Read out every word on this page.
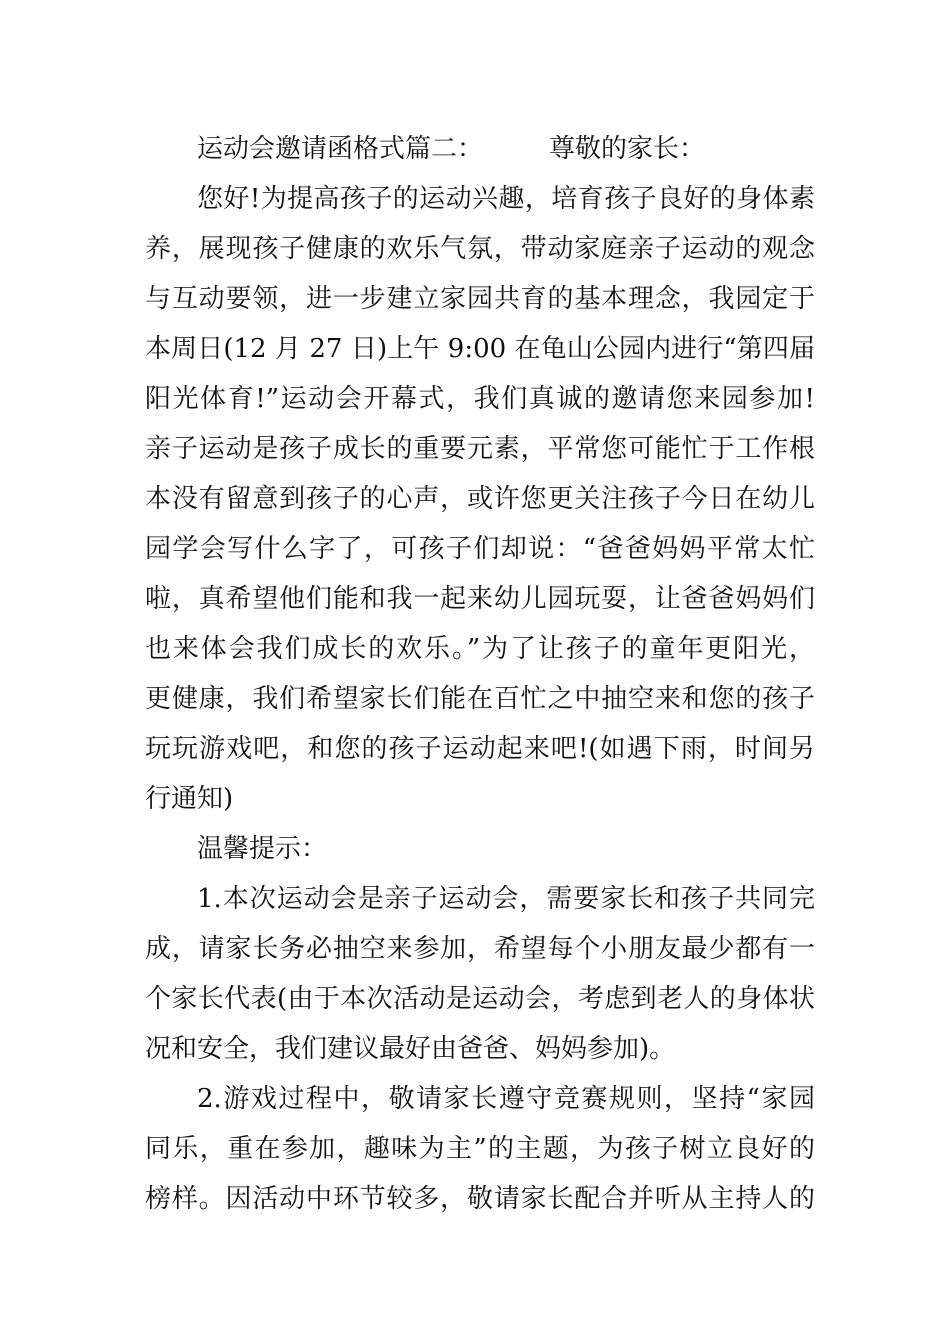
运动会邀请函格式篇二：	尊敬的家长：
您好!为提高孩子的运动兴趣，培育孩子良好的身体素
养，展现孩子健康的欢乐气氛，带动家庭亲子运动的观念
与互动要领，进一步建立家园共育的基本理念，我园定于
本周日(12 月 27 日)上午 9:00 在龟山公园内进行“第四届
阳光体育!”运动会开幕式，我们真诚的邀请您来园参加!
亲子运动是孩子成长的重要元素，平常您可能忙于工作根
本没有留意到孩子的心声，或许您更关注孩子今日在幼儿
园学会写什么字了，可孩子们却说：“爸爸妈妈平常太忙
啦，真希望他们能和我一起来幼儿园玩耍，让爸爸妈妈们
也来体会我们成长的欢乐。”为了让孩子的童年更阳光，
更健康，我们希望家长们能在百忙之中抽空来和您的孩子
玩玩游戏吧，和您的孩子运动起来吧!(如遇下雨，时间另
行通知)
温馨提示：
1.本次运动会是亲子运动会，需要家长和孩子共同完
成，请家长务必抽空来参加，希望每个小朋友最少都有一
个家长代表(由于本次活动是运动会，考虑到老人的身体状
况和安全，我们建议最好由爸爸、妈妈参加)。
2.游戏过程中，敬请家长遵守竞赛规则，坚持“家园
同乐，重在参加，趣味为主”的主题，为孩子树立良好的
榜样。因活动中环节较多，敬请家长配合并听从主持人的
